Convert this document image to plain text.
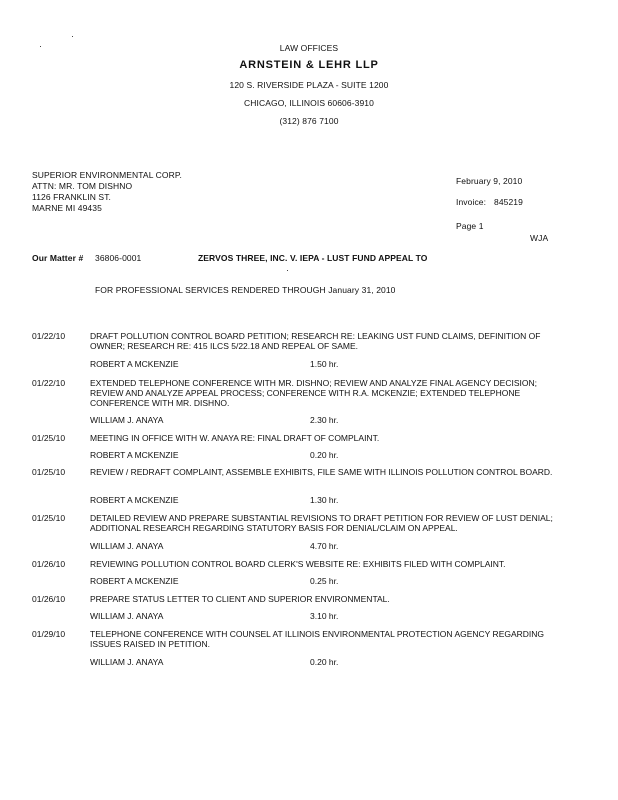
LAW OFFICES
ARNSTEIN & LEHR LLP
120 S. RIVERSIDE PLAZA - SUITE 1200
CHICAGO, ILLINOIS 60606-3910
(312) 876 7100
SUPERIOR ENVIRONMENTAL CORP.
ATTN: MR. TOM DISHNO
1126 FRANKLIN ST.
MARNE MI 49435
February 9, 2010
Invoice: 845219
Page 1
WJA
Our Matter # 36806-0001	ZERVOS THREE, INC. V. IEPA - LUST FUND APPEAL TO
FOR PROFESSIONAL SERVICES RENDERED THROUGH January 31, 2010
01/22/10	DRAFT POLLUTION CONTROL BOARD PETITION; RESEARCH RE: LEAKING UST FUND CLAIMS, DEFINITION OF OWNER; RESEARCH RE: 415 ILCS 5/22.18 AND REPEAL OF SAME.
ROBERT A MCKENZIE	1.50 hr.
01/22/10	EXTENDED TELEPHONE CONFERENCE WITH MR. DISHNO; REVIEW AND ANALYZE FINAL AGENCY DECISION; REVIEW AND ANALYZE APPEAL PROCESS; CONFERENCE WITH R.A. MCKENZIE; EXTENDED TELEPHONE CONFERENCE WITH MR. DISHNO.
WILLIAM J. ANAYA	2.30 hr.
01/25/10	MEETING IN OFFICE WITH W. ANAYA RE: FINAL DRAFT OF COMPLAINT.
ROBERT A MCKENZIE	0.20 hr.
01/25/10	REVIEW / REDRAFT COMPLAINT, ASSEMBLE EXHIBITS, FILE SAME WITH ILLINOIS POLLUTION CONTROL BOARD.
ROBERT A MCKENZIE	1.30 hr.
01/25/10	DETAILED REVIEW AND PREPARE SUBSTANTIAL REVISIONS TO DRAFT PETITION FOR REVIEW OF LUST DENIAL; ADDITIONAL RESEARCH REGARDING STATUTORY BASIS FOR DENIAL/CLAIM ON APPEAL.
WILLIAM J. ANAYA	4.70 hr.
01/26/10	REVIEWING POLLUTION CONTROL BOARD CLERK'S WEBSITE RE: EXHIBITS FILED WITH COMPLAINT.
ROBERT A MCKENZIE	0.25 hr.
01/26/10	PREPARE STATUS LETTER TO CLIENT AND SUPERIOR ENVIRONMENTAL.
WILLIAM J. ANAYA	3.10 hr.
01/29/10	TELEPHONE CONFERENCE WITH COUNSEL AT ILLINOIS ENVIRONMENTAL PROTECTION AGENCY REGARDING ISSUES RAISED IN PETITION.
WILLIAM J. ANAYA	0.20 hr.
